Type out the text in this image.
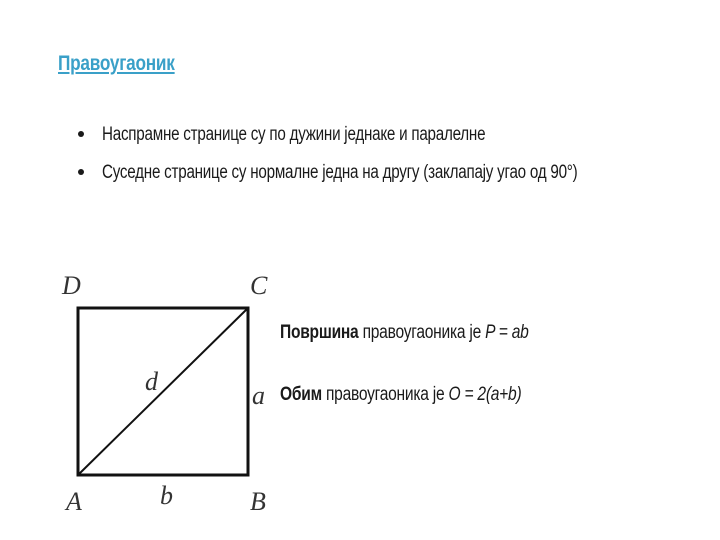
Правоугаоник
Наспрамне странице су по дужини једнаке и паралелне
Суседне странице су нормалне једна на другу (заклапају угао од 90°)
D	C
A	B
b
a
d
Површина правоугаоника је P = ab
Обим правоугаоника је O = 2(a+b)
